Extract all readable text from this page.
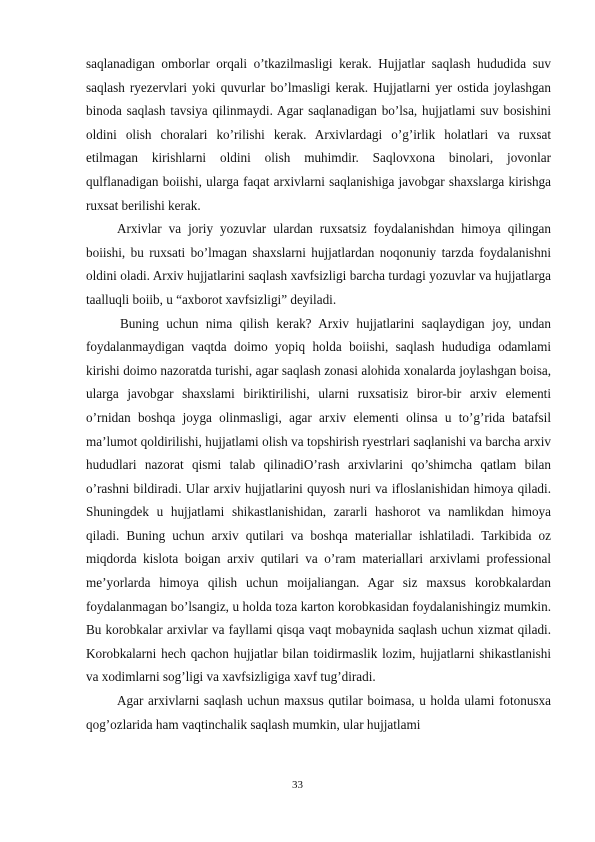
saqlanadigan omborlar orqali o’tkazilmasligi kerak. Hujjatlar saqlash hududida suv saqlash ryezervlari yoki quvurlar bo’lmasligi kerak. Hujjatlarni yer ostida joylashgan binoda saqlash tavsiya qilinmaydi. Agar saqlanadigan bo’lsa, hujjatlami suv bosishini oldini olish choralari ko’rilishi kerak. Arxivlardagi o’g’irlik holatlari va ruxsat etilmagan kirishlarni oldini olish muhimdir. Saqlovxona binolari, jovonlar qulflanadigan boiishi, ularga faqat arxivlarni saqlanishiga javobgar shaxslarga kirishga ruxsat berilishi kerak.

Arxivlar va joriy yozuvlar ulardan ruxsatsiz foydalanishdan himoya qilingan boiishi, bu ruxsati bo’lmagan shaxslarni hujjatlardan noqonuniy tarzda foydalanishni oldini oladi. Arxiv hujjatlarini saqlash xavfsizligi barcha turdagi yozuvlar va hujjatlarga taalluqli boiib, u “axborot xavfsizligi” deyiladi.

Buning uchun nima qilish kerak? Arxiv hujjatlarini saqlaydigan joy, undan foydalanmaydigan vaqtda doimo yopiq holda boiishi, saqlash hududiga odamlami kirishi doimo nazoratda turishi, agar saqlash zonasi alohida xonalarda joylashgan boisa, ularga javobgar shaxslami biriktirilishi, ularni ruxsatisiz biror-bir arxiv elementi o’rnidan boshqa joyga olinmasligi, agar arxiv elementi olinsa u to’g’rida batafsil ma’lumot qoldirilishi, hujjatlami olish va topshirish ryestrlari saqlanishi va barcha arxiv hududlari nazorat qismi talab qilinadiO’rash arxivlarini qo’shimcha qatlam bilan o’rashni bildiradi. Ular arxiv hujjatlarini quyosh nuri va ifloslanishidan himoya qiladi. Shuningdek u hujjatlami shikastlanishidan, zararli hashorot va namlikdan himoya qiladi. Buning uchun arxiv qutilari va boshqa materiallar ishlatiladi. Tarkibida oz miqdorda kislota boigan arxiv qutilari va o’ram materiallari arxivlami professional me’yorlarda himoya qilish uchun moijaliangan. Agar siz maxsus korobkalardan foydalanmagan bo’lsangiz, u holda toza karton korobkasidan foydalanishingiz mumkin. Bu korobkalar arxivlar va fayllami qisqa vaqt mobaynida saqlash uchun xizmat qiladi. Korobkalarni hech qachon hujjatlar bilan toidirmaslik lozim, hujjatlarni shikastlanishi va xodimlarni sog’ligi va xavfsizligiga xavf tug’diradi.

Agar arxivlarni saqlash uchun maxsus qutilar boimasa, u holda ulami fotonusxa qog’ozlarida ham vaqtinchalik saqlash mumkin, ular hujjatlami

33
